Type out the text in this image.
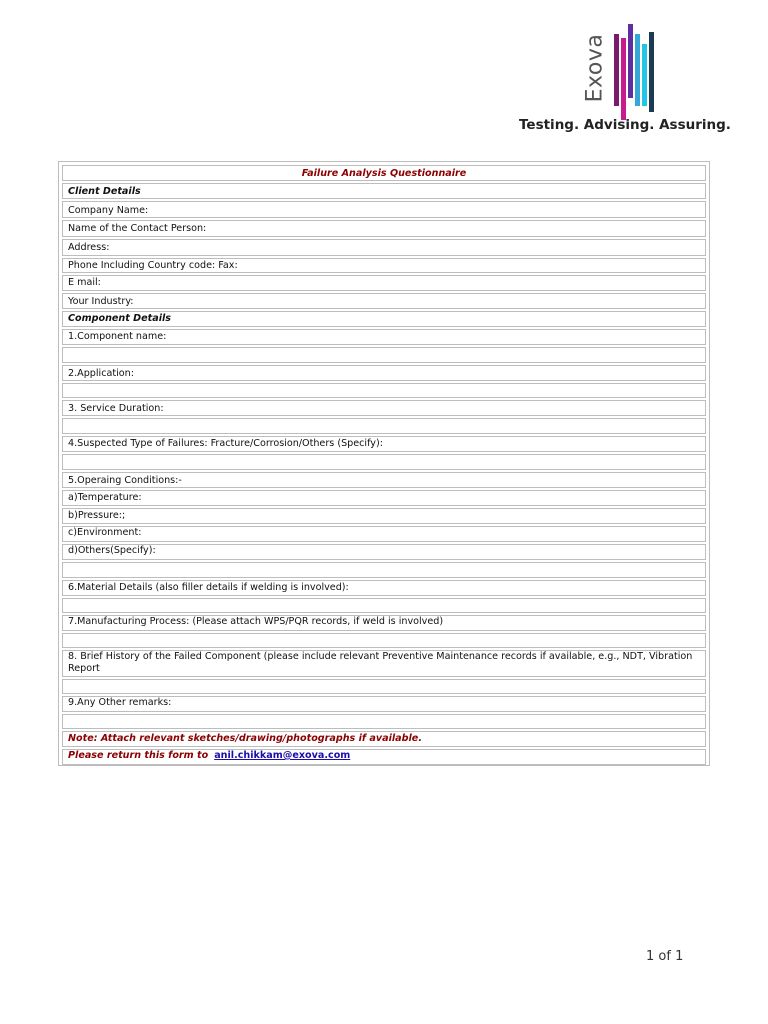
Exova
Testing. Advising. Assuring.
Failure Analysis Questionnaire
Client Details
Company Name:
Name of the Contact Person:
Address:
Phone Including Country code: Fax:
E mail:
Your Industry:
Component Details
1.Component name:
2.Application:
3. Service Duration:
4.Suspected Type of Failures: Fracture/Corrosion/Others (Specify):
5.Operaing Conditions:-
a)Temperature:
b)Pressure:;
c)Environment:
d)Others(Specify):
6.Material Details (also filler details if welding is involved):
7.Manufacturing Process: (Please attach WPS/PQR records, if weld is involved)
8. Brief History of the Failed Component (please include relevant Preventive Maintenance records if available, e.g., NDT, Vibration Report
9.Any Other remarks:
Note: Attach relevant sketches/drawing/photographs if available.
Please return this form to anil.chikkam@exova.com
1 of 1
